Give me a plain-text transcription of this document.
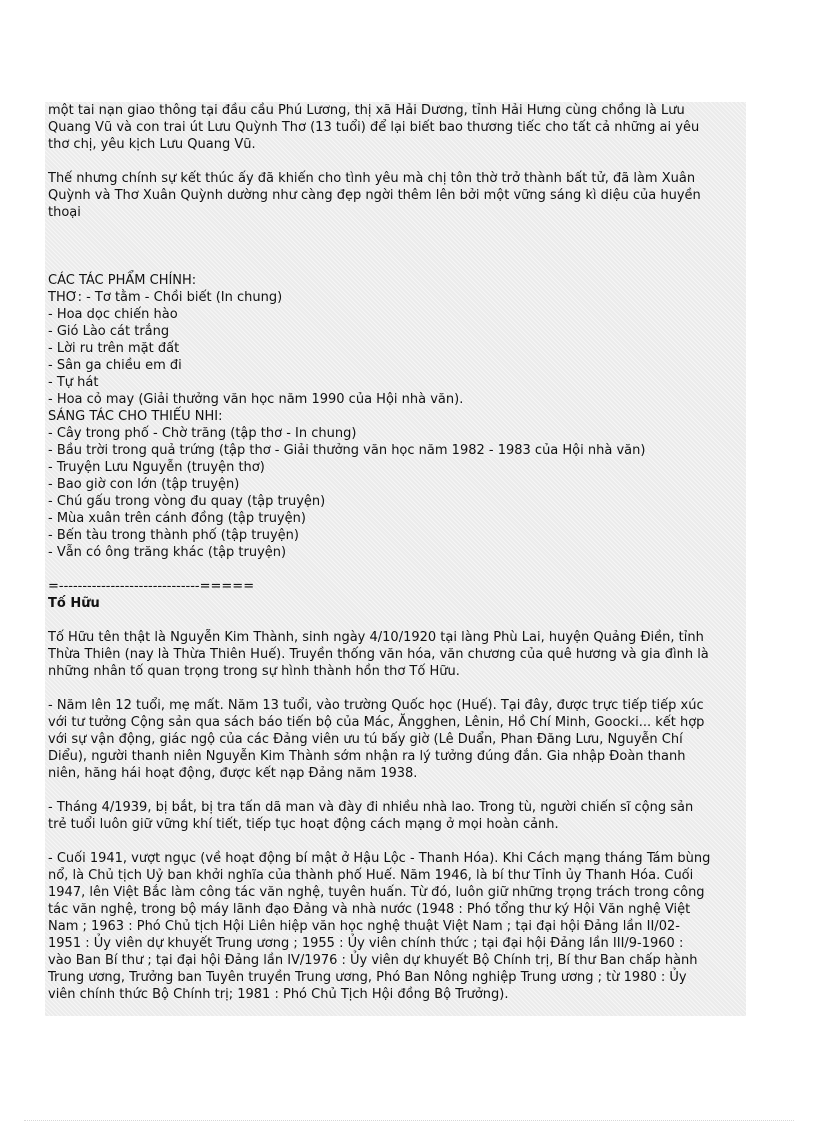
một tai nạn giao thông tại đầu cầu Phú Lương, thị xã Hải Dương, tỉnh Hải Hưng cùng chồng là Lưu

Quang Vũ và con trai út Lưu Quỳnh Thơ (13 tuổi) để lại biết bao thương tiếc cho tất cả những ai yêu

thơ chị, yêu kịch Lưu Quang Vũ.

Thế nhưng chính sự kết thúc ấy đã khiến cho tình yêu mà chị tôn thờ trở thành bất tử, đã làm Xuân

Quỳnh và Thơ Xuân Quỳnh dường như càng đẹp ngời thêm lên bởi một vững sáng kì diệu của huyền

thoại

CÁC TÁC PHẨM CHÍNH:

THƠ: - Tơ tằm - Chồi biết (In chung)

- Hoa dọc chiến hào

- Gió Lào cát trắng

- Lời ru trên mặt đất

- Sân ga chiều em đi

- Tự hát

- Hoa cỏ may (Giải thưởng văn học năm 1990 của Hội nhà văn).

SÁNG TÁC CHO THIẾU NHI:

- Cây trong phố - Chờ trăng (tập thơ - In chung)

- Bầu trời trong quả trứng (tập thơ - Giải thưởng văn học năm 1982 - 1983 của Hội nhà văn)

- Truyện Lưu Nguyễn (truyện thơ)

- Bao giờ con lớn (tập truyện)

- Chú gấu trong vòng đu quay (tập truyện)

- Mùa xuân trên cánh đồng (tập truyện)

- Bến tàu trong thành phố (tập truyện)

- Vẫn có ông trăng khác (tập truyện)

=------------------------------=====

Tố Hữu

Tố Hữu tên thật là Nguyễn Kim Thành, sinh ngày 4/10/1920 tại làng Phù Lai, huyện Quảng Điền, tỉnh

Thừa Thiên (nay là Thừa Thiên Huế). Truyền thống văn hóa, văn chương của quê hương và gia đình là

những nhân tố quan trọng trong sự hình thành hồn thơ Tố Hữu.

- Năm lên 12 tuổi, mẹ mất. Năm 13 tuổi, vào trường Quốc học (Huế). Tại đây, được trực tiếp tiếp xúc

với tư tưởng Cộng sản qua sách báo tiến bộ của Mác, Ăngghen, Lênin, Hồ Chí Minh, Goocki... kết hợp

với sự vận động, giác ngộ của các Đảng viên ưu tú bấy giờ (Lê Duẩn, Phan Đăng Lưu, Nguyễn Chí

Diểu), người thanh niên Nguyễn Kim Thành sớm nhận ra lý tưởng đúng đắn. Gia nhập Đoàn thanh

niên, hăng hái hoạt động, được kết nạp Đảng năm 1938.

- Tháng 4/1939, bị bắt, bị tra tấn dã man và đày đi nhiều nhà lao. Trong tù, người chiến sĩ cộng sản

trẻ tuổi luôn giữ vững khí tiết, tiếp tục hoạt động cách mạng ở mọi hoàn cảnh.

- Cuối 1941, vượt ngục (về hoạt động bí mật ở Hậu Lộc - Thanh Hóa). Khi Cách mạng tháng Tám bùng

nổ, là Chủ tịch Uỷ ban khởi nghĩa của thành phố Huế. Năm 1946, là bí thư Tỉnh ủy Thanh Hóa. Cuối

1947, lên Việt Bắc làm công tác văn nghệ, tuyên huấn. Từ đó, luôn giữ những trọng trách trong công

tác văn nghệ, trong bộ máy lãnh đạo Đảng và nhà nước (1948 : Phó tổng thư ký Hội Văn nghệ Việt

Nam ; 1963 : Phó Chủ tịch Hội Liên hiệp văn học nghệ thuật Việt Nam ; tại đại hội Đảng lần II/02-

1951 : Ủy viên dự khuyết Trung ương ; 1955 : Ủy viên chính thức ; tại đại hội Đảng lần III/9-1960 :

vào Ban Bí thư ; tại đại hội Đảng lần IV/1976 : Ủy viên dự khuyết Bộ Chính trị, Bí thư Ban chấp hành

Trung ương, Trưởng ban Tuyên truyền Trung ương, Phó Ban Nông nghiệp Trung ương ; từ 1980 : Ủy

viên chính thức Bộ Chính trị; 1981 : Phó Chủ Tịch Hội đồng Bộ Trưởng).
